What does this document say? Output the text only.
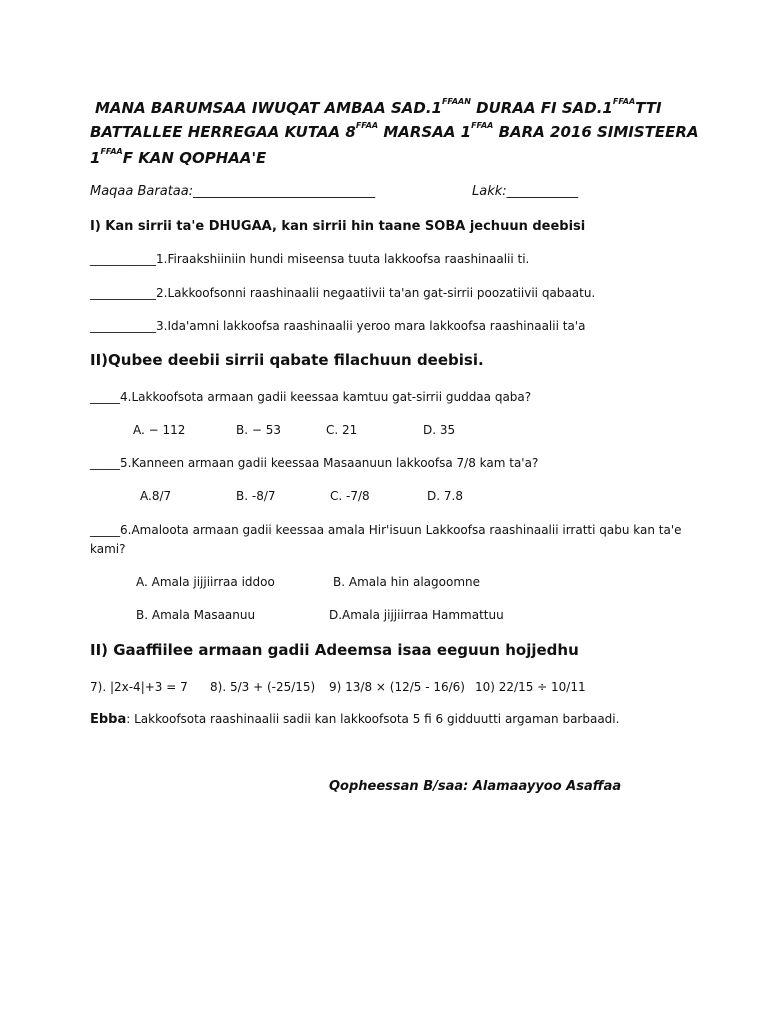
MANA BARUMSAA IWUQAT AMBAA $SAD.1^{FFAAN}$ DURAA FI $SAD.1^{FFAA}TTI$
BATTALLEE HERREGAA KUTAA $8^{FFAA}$ MARSAA $1^{FFAA}$ BARA 2016 SIMISTEERA
$1^{FFAA}F$ KAN QOPHAA'E
Maqaa Barataa:____________________________	Lakk:___________
I) Kan sirrii ta'e DHUGAA, kan sirrii hin taane SOBA jechuun deebisi
___________1.Firaakshiiniin hundi miseensa tuuta lakkoofsa raashinaalii ti.
___________2.Lakkoofsonni raashinaalii negaatiivii ta'an gat-sirrii poozatiivii qabaatu.
___________3.Ida'amni lakkoofsa raashinaalii yeroo mara lakkoofsa raashinaalii ta'a
II)Qubee deebii sirrii qabate filachuun deebisi.
_____4.Lakkoofsota armaan gadii keessaa kamtuu gat-sirrii guddaa qaba?
A. − 112	B. − 53	C. 21	D. 35
_____5.Kanneen armaan gadii keessaa Masaanuun lakkoofsa 7/8 kam ta'a?
A.8/7	B. -8/7	C. -7/8	D. 7.8
_____6.Amaloota armaan gadii keessaa amala Hir'isuun Lakkoofsa raashinaalii irratti qabu kan ta'e
kami?
A. Amala jijjiirraa iddoo	B. Amala hin alagoomne
B. Amala Masaanuu	D.Amala jijjiirraa Hammattuu
II) Gaaffiilee armaan gadii Adeemsa isaa eeguun hojjedhu
7). |2x-4|+3 = 7 8). 5/3 + (-25/15) 9) 13/8 × (12/5 - 16/6) 10) 22/15 ÷ 10/11
Ebba: Lakkoofsota raashinaalii sadii kan lakkoofsota 5 fi 6 gidduutti argaman barbaadi.
Qopheessan B/saa: Alamaayyoo Asaffaa
